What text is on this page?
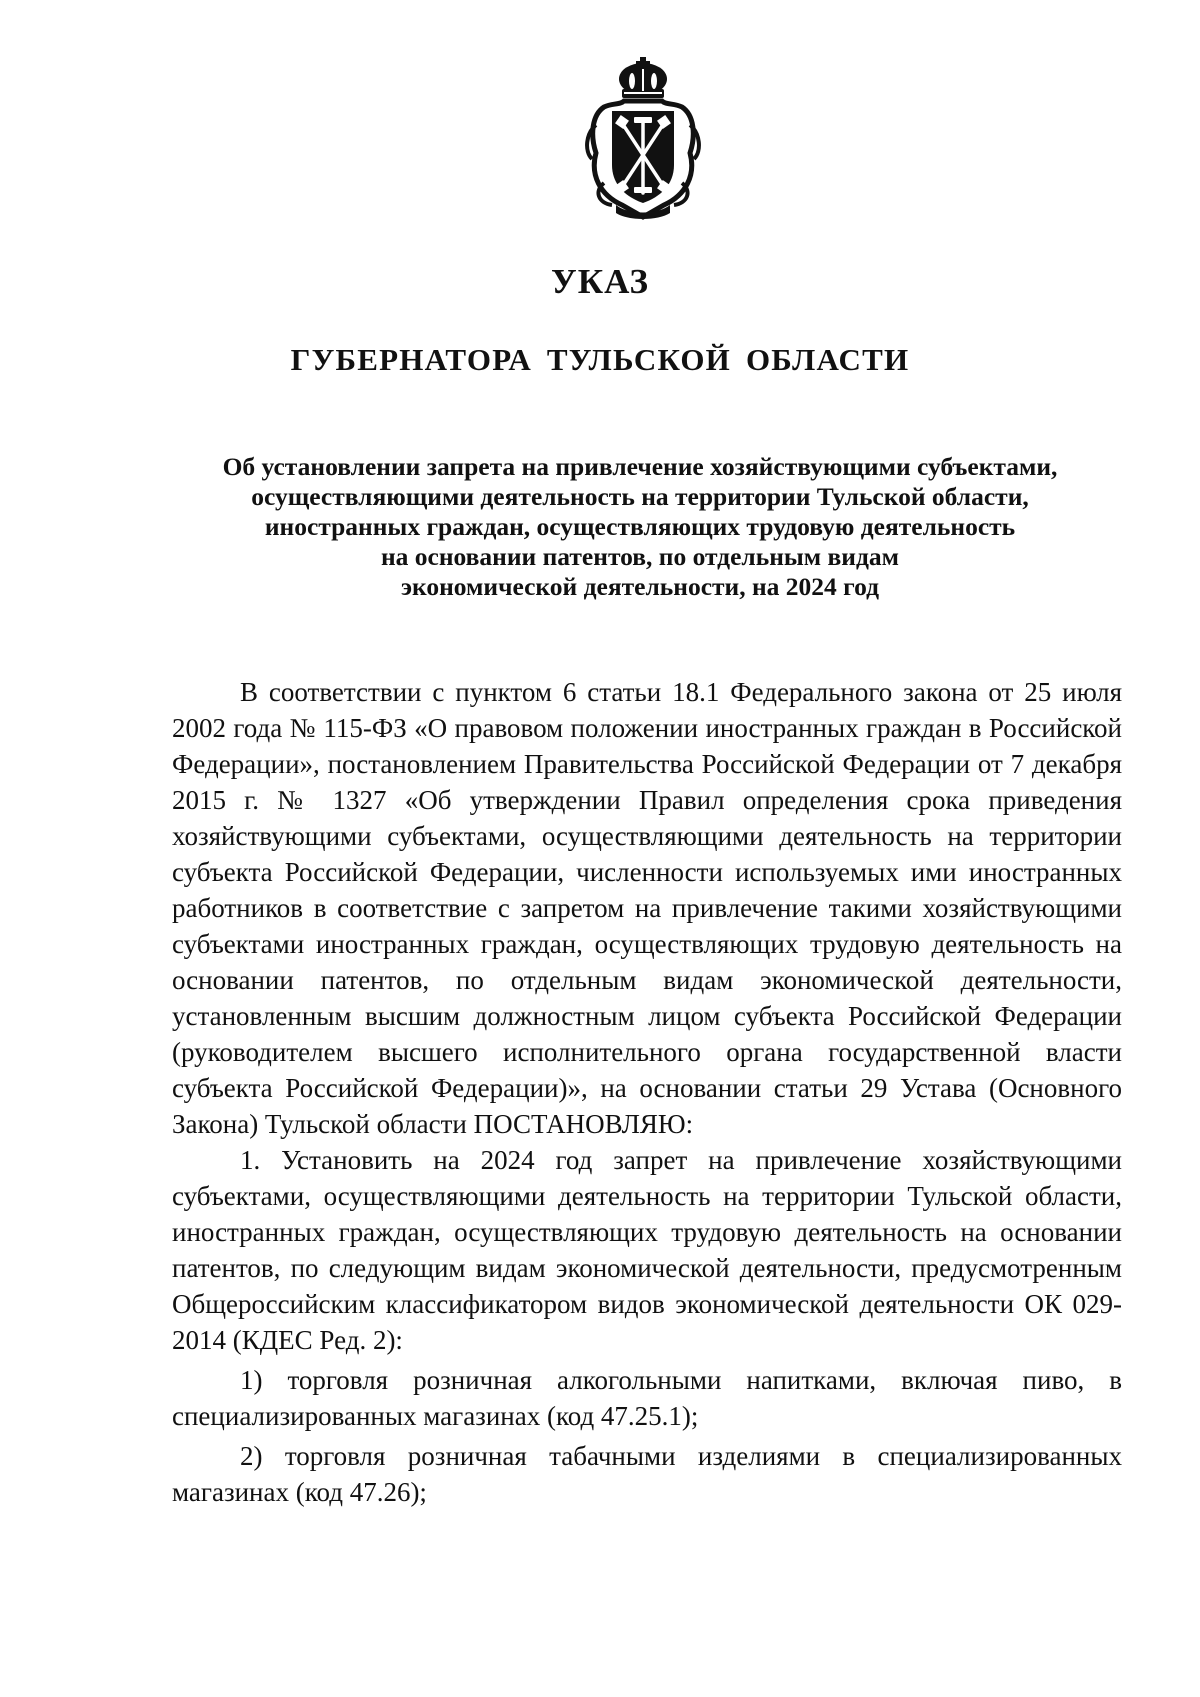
УКАЗ
ГУБЕРНАТОРА ТУЛЬСКОЙ ОБЛАСТИ
Об установлении запрета на привлечение хозяйствующими субъектами,
осуществляющими деятельность на территории Тульской области,
иностранных граждан, осуществляющих трудовую деятельность
на основании патентов, по отдельным видам
экономической деятельности, на 2024 год

В соответствии с пунктом 6 статьи 18.1 Федерального закона от 25 июля 2002 года № 115-ФЗ «О правовом положении иностранных граждан в Российской Федерации», постановлением Правительства Российской Федерации от 7 декабря 2015 г. № 1327 «Об утверждении Правил определения срока приведения хозяйствующими субъектами, осуществляющими деятельность на территории субъекта Российской Федерации, численности используемых ими иностранных работников в соответствие с запретом на привлечение такими хозяйствующими субъектами иностранных граждан, осуществляющих трудовую деятельность на основании патентов, по отдельным видам экономической деятельности, установленным высшим должностным лицом субъекта Российской Федерации (руководителем высшего исполнительного органа государственной власти субъекта Российской Федерации)», на основании статьи 29 Устава (Основного Закона) Тульской области ПОСТАНОВЛЯЮ:

1. Установить на 2024 год запрет на привлечение хозяйствующими субъектами, осуществляющими деятельность на территории Тульской области, иностранных граждан, осуществляющих трудовую деятельность на основании патентов, по следующим видам экономической деятельности, предусмотренным Общероссийским классификатором видов экономической деятельности ОК 029-2014 (КДЕС Ред. 2):

1) торговля розничная алкогольными напитками, включая пиво, в специализированных магазинах (код 47.25.1);

2) торговля розничная табачными изделиями в специализированных магазинах (код 47.26);
